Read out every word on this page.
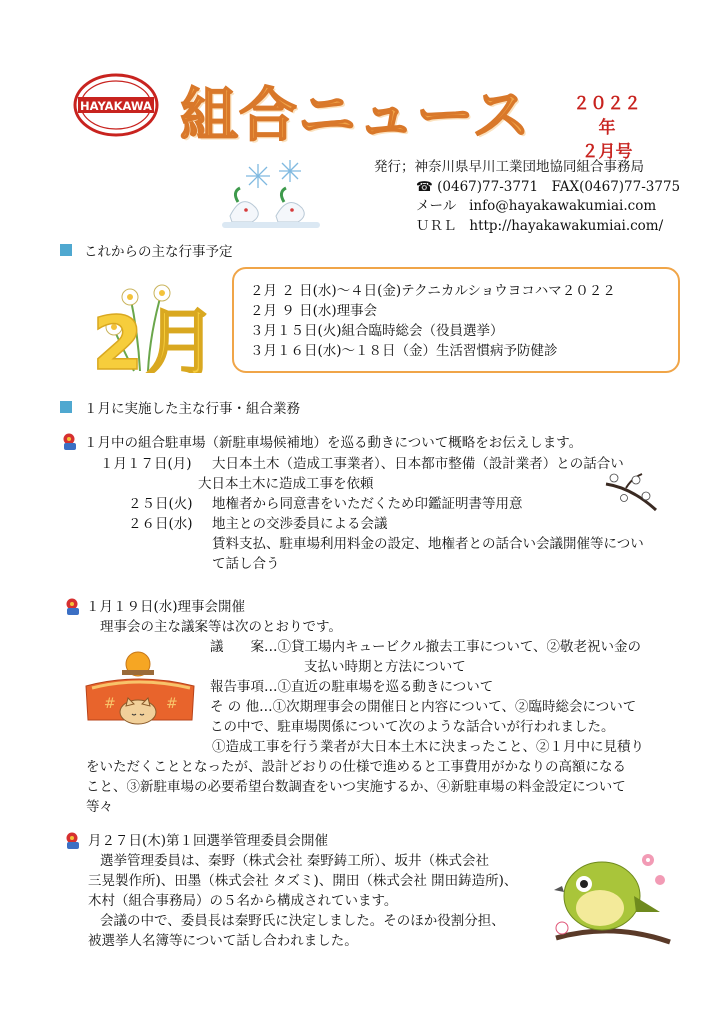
HAYAKAWA 組合ニュース	２０２２年
２月号
発行；神奈川県早川工業団地協同組合事務局
☎ (0467)77-3771　FAX(0467)77-3775
メール info@hayakawakumiai.com
ＵＲＬ http://hayakawakumiai.com/
これからの主な行事予定
2月
２月 ２ 日(水)～４日(金)テクニカルショウヨコハマ２０２２
２月 ９ 日(水)理事会
３月１５日(火)組合臨時総会（役員選挙）
３月１６日(水)～１８日（金）生活習慣病予防健診
１月に実施した主な行事・組合業務
１月中の組合駐車場（新駐車場候補地）を巡る動きについて概略をお伝えします。
１月１７日(月) 大日本土木（造成工事業者）、日本都市整備（設計業者）との話合い
大日本土木に造成工事を依頼
２５日(火) 地権者から同意書をいただくため印鑑証明書等用意
２６日(水) 地主との交渉委員による会議
賃料支払、駐車場利用料金の設定、地権者との話合い会議開催等につい
て話し合う
１月１９日(水)理事会開催
理事会の主な議案等は次のとおりです。
議　　案…①貸工場内キュービクル撤去工事について、②敬老祝い金の
支払い時期と方法について
報告事項…①直近の駐車場を巡る動きについて
そ の 他…①次期理事会の開催日と内容について、②臨時総会について
この中で、駐車場関係について次のような話合いが行われました。
①造成工事を行う業者が大日本土木に決まったこと、②１月中に見積り
をいただくこととなったが、設計どおりの仕様で進めると工事費用がかなりの高額になる
こと、③新駐車場の必要希望台数調査をいつ実施するか、④新駐車場の料金設定について
等々
#	#
月２７日(木)第１回選挙管理委員会開催
選挙管理委員は、秦野（株式会社 秦野鋳工所）、坂井（株式会社
三晃製作所)、田墨（株式会社 タズミ)、開田（株式会社 開田鋳造所)、
木村（組合事務局）の５名から構成されています。
会議の中で、委員長は秦野氏に決定しました。そのほか役割分担、
被選挙人名簿等について話し合われました。
